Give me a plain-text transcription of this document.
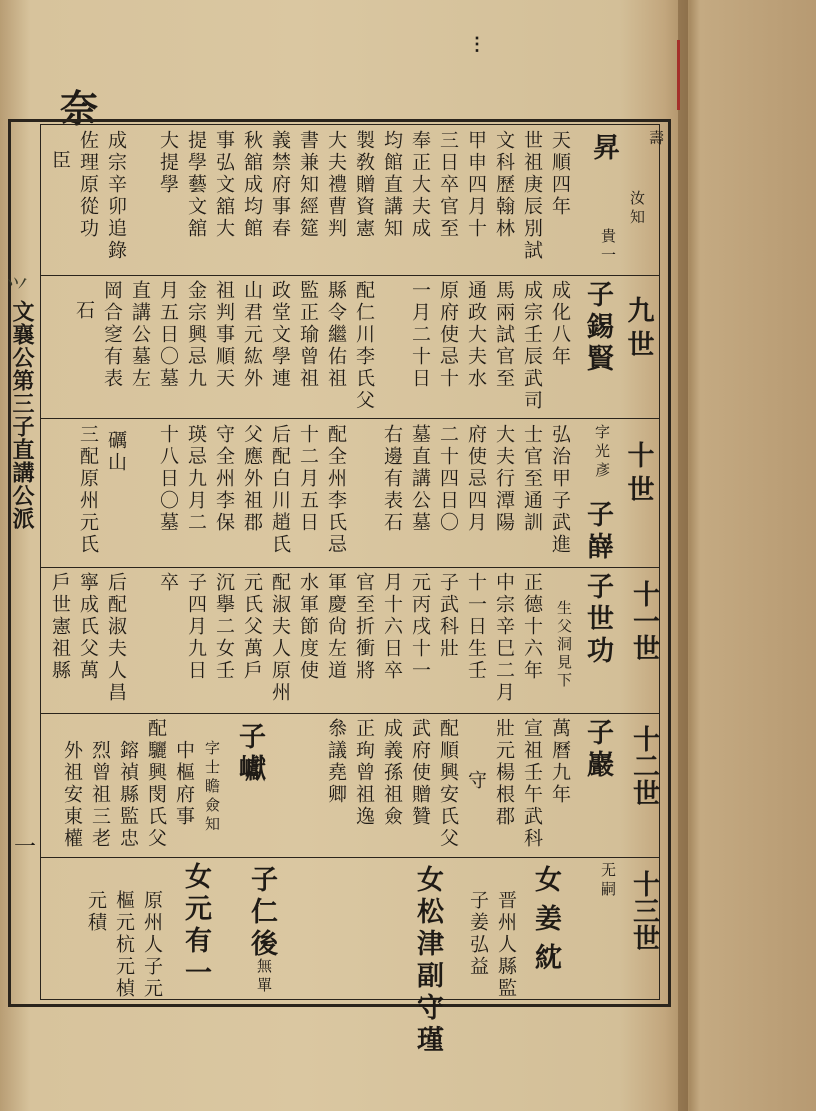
奈
⋮
⺍
文襄公第三子直講公派
一
九世
十世
十一世
十二世
十三世
壽
汝知
昇
貴一
天順四年
世祖庚辰別試
文科歷翰林
甲申四月十
三日卒官至
奉正大夫成
均館直講知
製敎贈資憲
大夫禮曹判
書兼知經筵
義禁府事春
秋舘成均館
事弘文舘大
提學藝文舘
大提學
成宗辛卯追錄
佐理原從功
臣
子錫賢
成化八年
成宗壬辰武司
馬兩試官至
通政大夫水
原府使忌十
一月二十日
配仁川李氏父
縣令繼佑祖
監正瑜曾祖
政堂文學連
山君元紘外
祖判事順天
金宗興忌九
月五日〇墓
直講公墓左
岡合窆有表
石
字光彥
子嶭
弘治甲子武進
士官至通訓
大夫行潭陽
府使忌四月
二十四日〇
墓直講公墓
右邊有表石
配全州李氏忌
十二月五日
后配白川趙氏
父應外祖郡
守全州李保
瑛忌九月二
十八日〇墓
礪山
三配原州元氏
生父洞見下 子世功
正德十六年
中宗辛巳二月
十一日生壬
子武科壯
元丙戌十一
月十六日卒
官至折衝將
軍慶尙左道
水軍節度使
配淑夫人原州
元氏父萬戶
沉擧二女壬
子四月九日
卒
后配淑夫人昌
寧成氏父萬
戶世憲祖縣
子巖
萬曆九年
宣祖壬午武科
壯元楊根郡
守
配順興安氏父
武府使贈贊
成義孫祖僉
正珣曾祖逸
叅議堯卿
子巘
字士瞻僉知
中樞府事
配驪興閔氏父
鎔禎縣監忠
烈曾祖三老
外祖安東權
无嗣
女姜紞
晋州人縣監
子姜弘益
女松津副守瑾
子仁後
無單
女元有一
原州人子元
樞元杭元楨
元積
